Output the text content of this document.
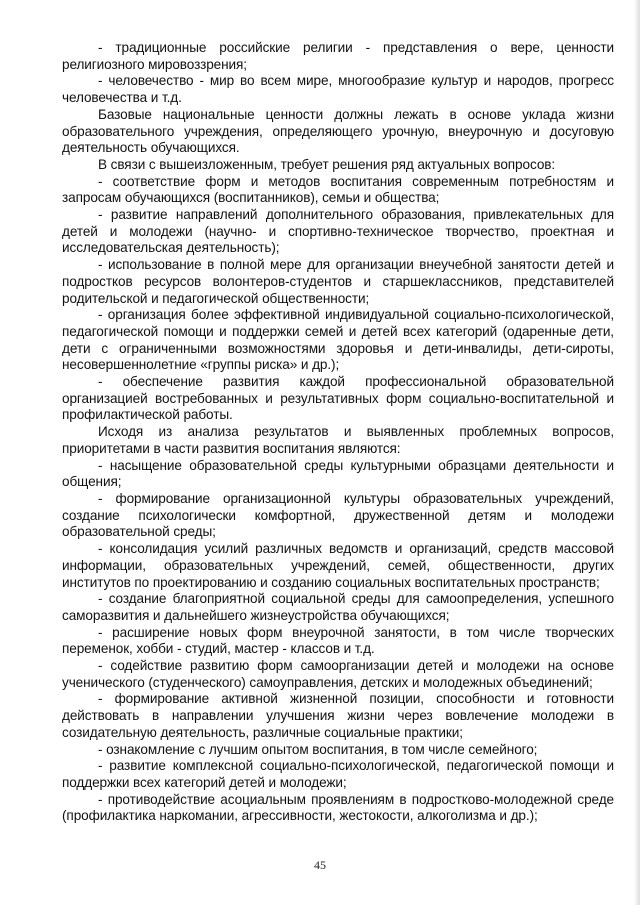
- традиционные российские религии - представления о вере, ценности религиозного мировоззрения;

- человечество - мир во всем мире, многообразие культур и народов, прогресс человечества и т.д.

Базовые национальные ценности должны лежать в основе уклада жизни образовательного учреждения, определяющего урочную, внеурочную и досуговую деятельность обучающихся.

В связи с вышеизложенным, требует решения ряд актуальных вопросов:

- соответствие форм и методов воспитания современным потребностям и запросам обучающихся (воспитанников), семьи и общества;

- развитие направлений дополнительного образования, привлекательных для детей и молодежи (научно- и спортивно-техническое творчество, проектная и исследовательская деятельность);

- использование в полной мере для организации внеучебной занятости детей и подростков ресурсов волонтеров-студентов и старшеклассников, представителей родительской и педагогической общественности;

- организация более эффективной индивидуальной социально-психологической, педагогической помощи и поддержки семей и детей всех категорий (одаренные дети, дети с ограниченными возможностями здоровья и дети-инвалиды, дети-сироты, несовершеннолетние «группы риска» и др.);

- обеспечение развития каждой профессиональной образовательной организацией востребованных и результативных форм социально-воспитательной и профилактической работы.

Исходя из анализа результатов и выявленных проблемных вопросов, приоритетами в части развития воспитания являются:

- насыщение образовательной среды культурными образцами деятельности и общения;

- формирование организационной культуры образовательных учреждений, создание психологически комфортной, дружественной детям и молодежи образовательной среды;

- консолидация усилий различных ведомств и организаций, средств массовой информации, образовательных учреждений, семей, общественности, других институтов по проектированию и созданию социальных воспитательных пространств;

- создание благоприятной социальной среды для самоопределения, успешного саморазвития и дальнейшего жизнеустройства обучающихся;

- расширение новых форм внеурочной занятости, в том числе творческих переменок, хобби - студий, мастер - классов и т.д.

- содействие развитию форм самоорганизации детей и молодежи на основе ученического (студенческого) самоуправления, детских и молодежных объединений;

- формирование активной жизненной позиции, способности и готовности действовать в направлении улучшения жизни через вовлечение молодежи в созидательную деятельность, различные социальные практики;

- ознакомление с лучшим опытом воспитания, в том числе семейного;

- развитие комплексной социально-психологической, педагогической помощи и поддержки всех категорий детей и молодежи;

- противодействие асоциальным проявлениям в подростково-молодежной среде (профилактика наркомании, агрессивности, жестокости, алкоголизма и др.);

45
